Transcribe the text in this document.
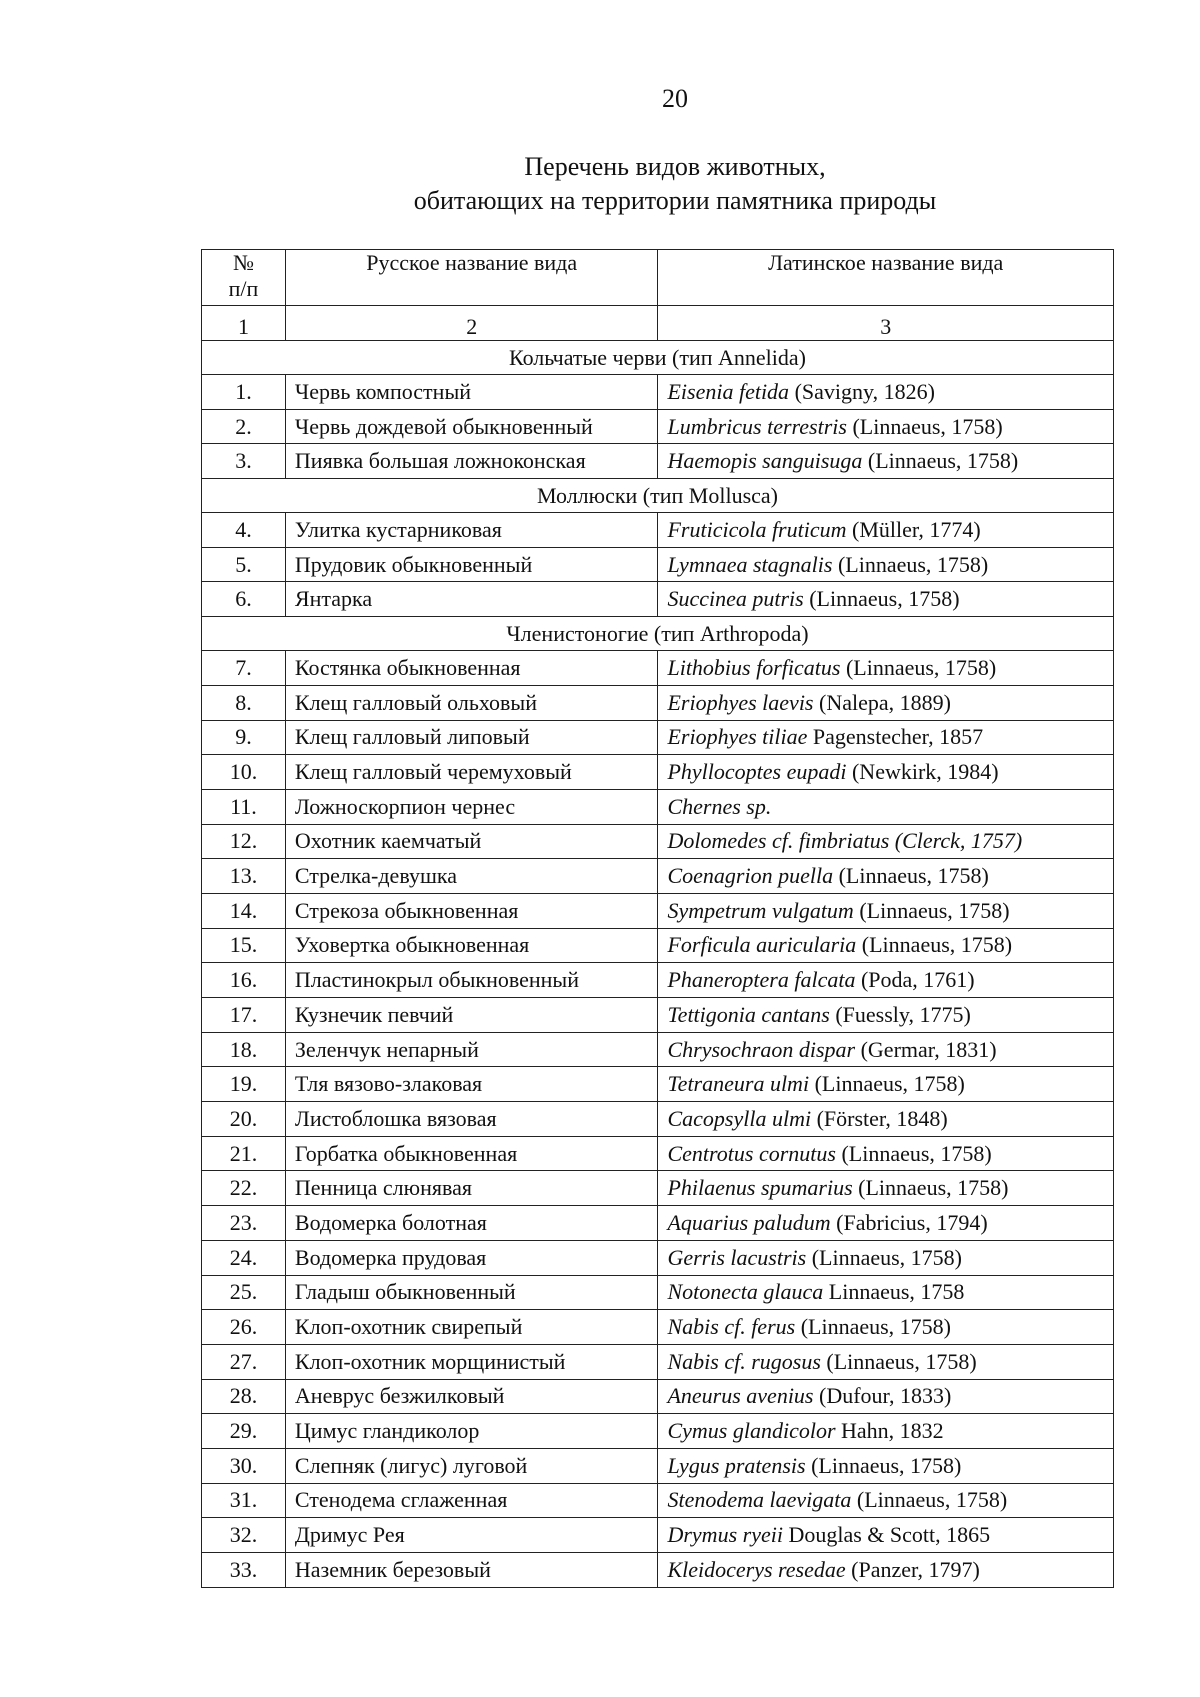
20
Перечень видов животных,
обитающих на территории памятника природы
№
п/п	Русское название вида	Латинское название вида
1	2	3
Кольчатые черви (тип Annelida)		
1.	Червь компостный	Eisenia fetida (Savigny, 1826)
2.	Червь дождевой обыкновенный	Lumbricus terrestris (Linnaeus, 1758)
3.	Пиявка большая ложноконская	Haemopis sanguisuga (Linnaeus, 1758)
Моллюски (тип Mollusca)		
4.	Улитка кустарниковая	Fruticicola fruticum (Müller, 1774)
5.	Прудовик обыкновенный	Lymnaea stagnalis (Linnaeus, 1758)
6.	Янтарка	Succinea putris (Linnaeus, 1758)
Членистоногие (тип Arthropoda)		
7.	Костянка обыкновенная	Lithobius forficatus (Linnaeus, 1758)
8.	Клещ галловый ольховый	Eriophyes laevis (Nalepa, 1889)
9.	Клещ галловый липовый	Eriophyes tiliae Pagenstecher, 1857
10.	Клещ галловый черемуховый	Phyllocoptes eupadi (Newkirk, 1984)
11.	Ложноскорпион чернес	Chernes sp.
12.	Охотник каемчатый	Dolomedes cf. fimbriatus (Clerck, 1757)
13.	Стрелка-девушка	Coenagrion puella (Linnaeus, 1758)
14.	Стрекоза обыкновенная	Sympetrum vulgatum (Linnaeus, 1758)
15.	Уховертка обыкновенная	Forficula auricularia (Linnaeus, 1758)
16.	Пластинокрыл обыкновенный	Phaneroptera falcata (Poda, 1761)
17.	Кузнечик певчий	Tettigonia cantans (Fuessly, 1775)
18.	Зеленчук непарный	Chrysochraon dispar (Germar, 1831)
19.	Тля вязово-злаковая	Tetraneura ulmi (Linnaeus, 1758)
20.	Листоблошка вязовая	Cacopsylla ulmi (Förster, 1848)
21.	Горбатка обыкновенная	Centrotus cornutus (Linnaeus, 1758)
22.	Пенница слюнявая	Philaenus spumarius (Linnaeus, 1758)
23.	Водомерка болотная	Aquarius paludum (Fabricius, 1794)
24.	Водомерка прудовая	Gerris lacustris (Linnaeus, 1758)
25.	Гладыш обыкновенный	Notonecta glauca Linnaeus, 1758
26.	Клоп-охотник свирепый	Nabis cf. ferus (Linnaeus, 1758)
27.	Клоп-охотник морщинистый	Nabis cf. rugosus (Linnaeus, 1758)
28.	Аневрус безжилковый	Aneurus avenius (Dufour, 1833)
29.	Цимус гландиколор	Cymus glandicolor Hahn, 1832
30.	Слепняк (лигус) луговой	Lygus pratensis (Linnaeus, 1758)
31.	Стенодема сглаженная	Stenodema laevigata (Linnaeus, 1758)
32.	Дримус Рея	Drymus ryeii Douglas & Scott, 1865
33.	Наземник березовый	Kleidocerys resedae (Panzer, 1797)
